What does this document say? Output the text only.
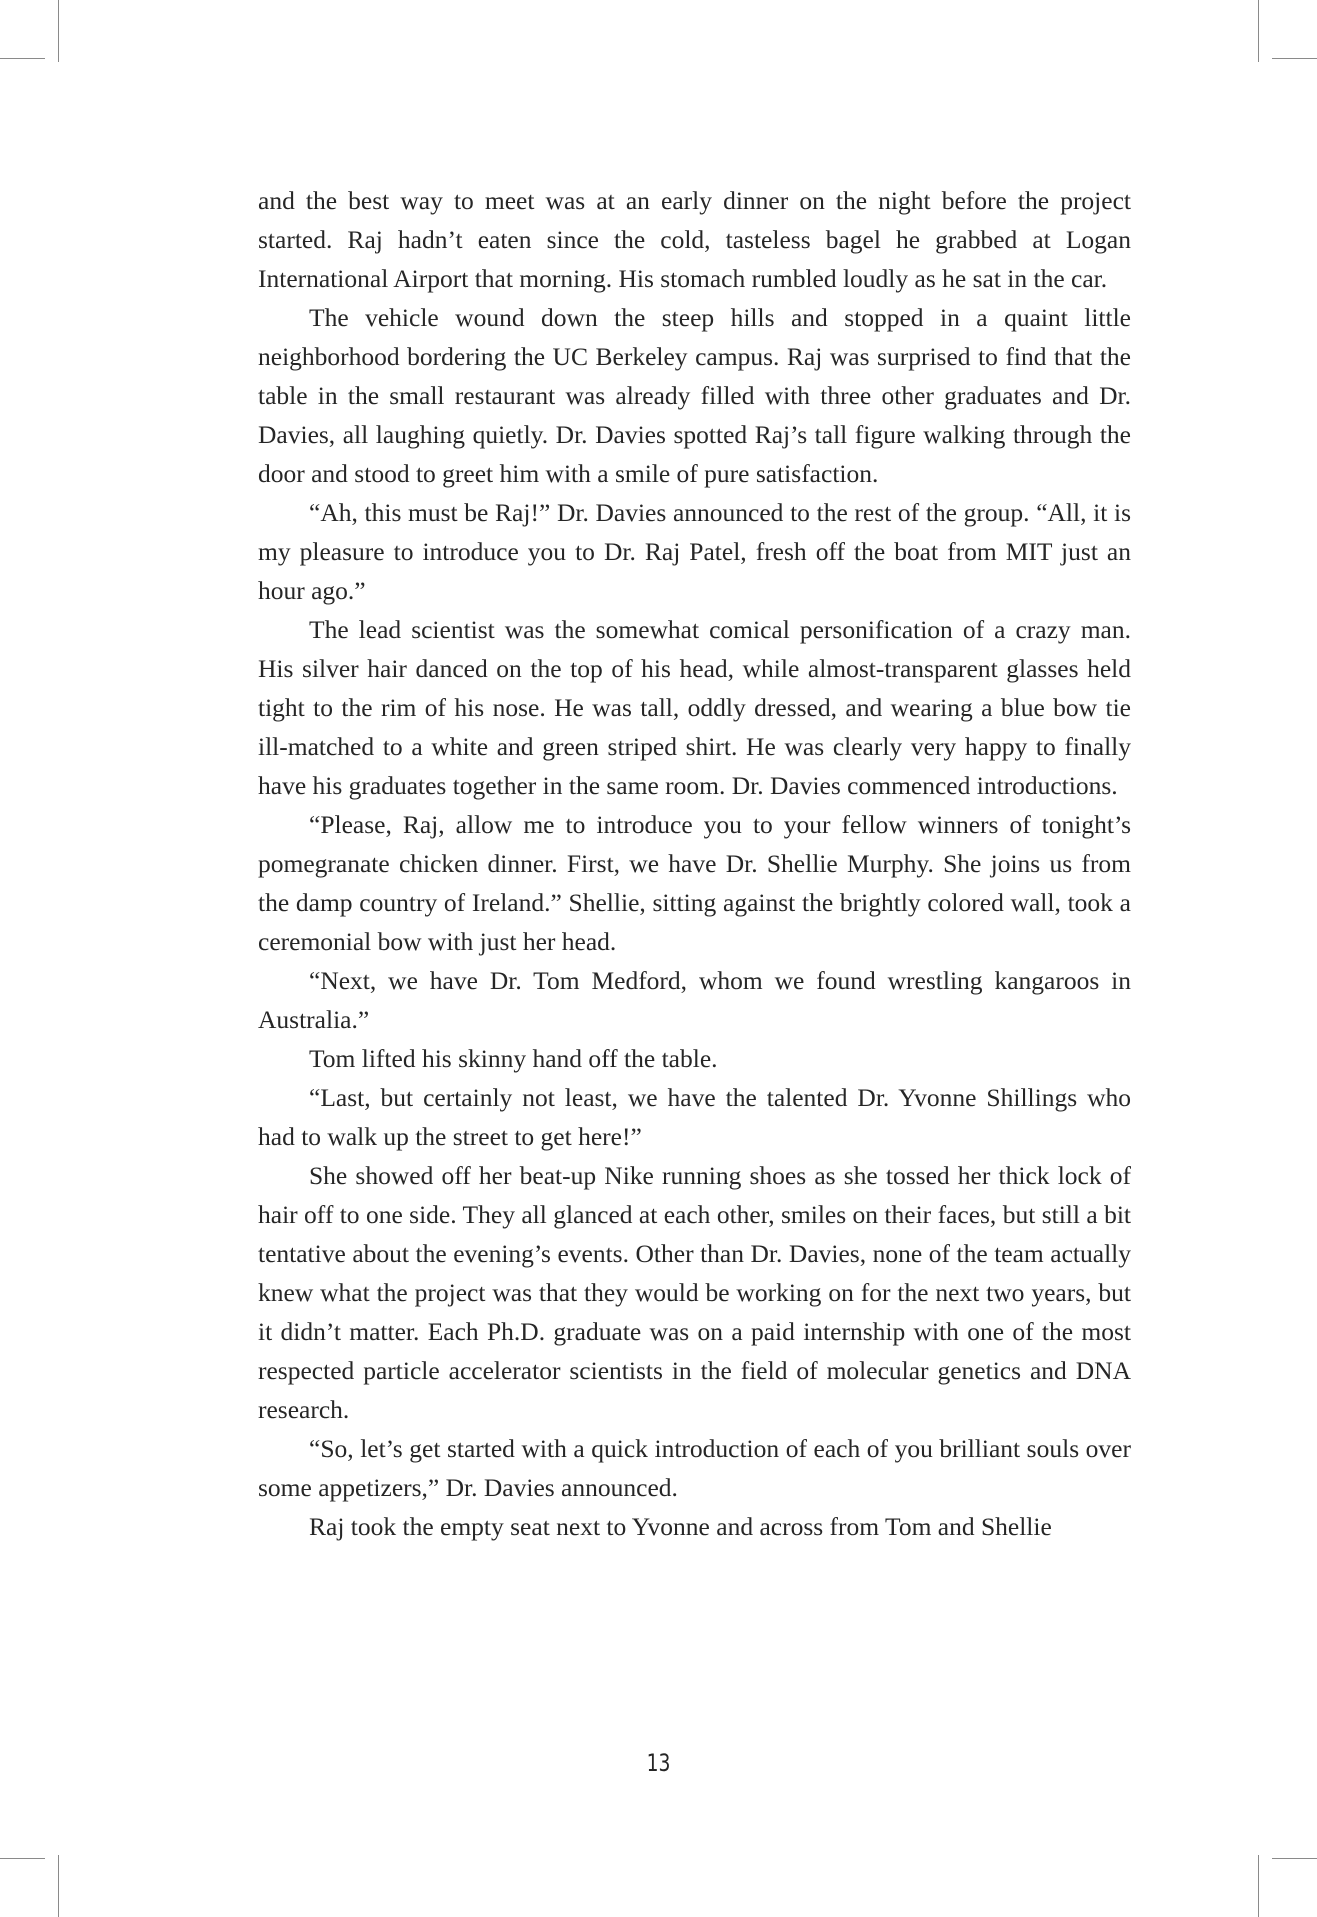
and the best way to meet was at an early dinner on the night before the project started. Raj hadn’t eaten since the cold, tasteless bagel he grabbed at Logan International Airport that morning. His stomach rumbled loudly as he sat in the car.

The vehicle wound down the steep hills and stopped in a quaint little neighborhood bordering the UC Berkeley campus. Raj was surprised to find that the table in the small restaurant was already filled with three other graduates and Dr. Davies, all laughing quietly. Dr. Davies spotted Raj’s tall figure walking through the door and stood to greet him with a smile of pure satisfaction.

“Ah, this must be Raj!” Dr. Davies announced to the rest of the group. “All, it is my pleasure to introduce you to Dr. Raj Patel, fresh off the boat from MIT just an hour ago.”

The lead scientist was the somewhat comical personification of a crazy man. His silver hair danced on the top of his head, while almost-transparent glasses held tight to the rim of his nose. He was tall, oddly dressed, and wearing a blue bow tie ill-matched to a white and green striped shirt. He was clearly very happy to finally have his graduates together in the same room. Dr. Davies commenced introductions.

“Please, Raj, allow me to introduce you to your fellow winners of tonight’s pomegranate chicken dinner. First, we have Dr. Shellie Murphy. She joins us from the damp country of Ireland.” Shellie, sitting against the brightly colored wall, took a ceremonial bow with just her head.

“Next, we have Dr. Tom Medford, whom we found wrestling kangaroos in Australia.”

Tom lifted his skinny hand off the table.

“Last, but certainly not least, we have the talented Dr. Yvonne Shillings who had to walk up the street to get here!”

She showed off her beat-up Nike running shoes as she tossed her thick lock of hair off to one side. They all glanced at each other, smiles on their faces, but still a bit tentative about the evening’s events. Other than Dr. Davies, none of the team actually knew what the project was that they would be working on for the next two years, but it didn’t matter. Each Ph.D. graduate was on a paid internship with one of the most respected particle accelerator scientists in the field of molecular genetics and DNA research.

“So, let’s get started with a quick introduction of each of you brilliant souls over some appetizers,” Dr. Davies announced.

Raj took the empty seat next to Yvonne and across from Tom and Shellie

13
